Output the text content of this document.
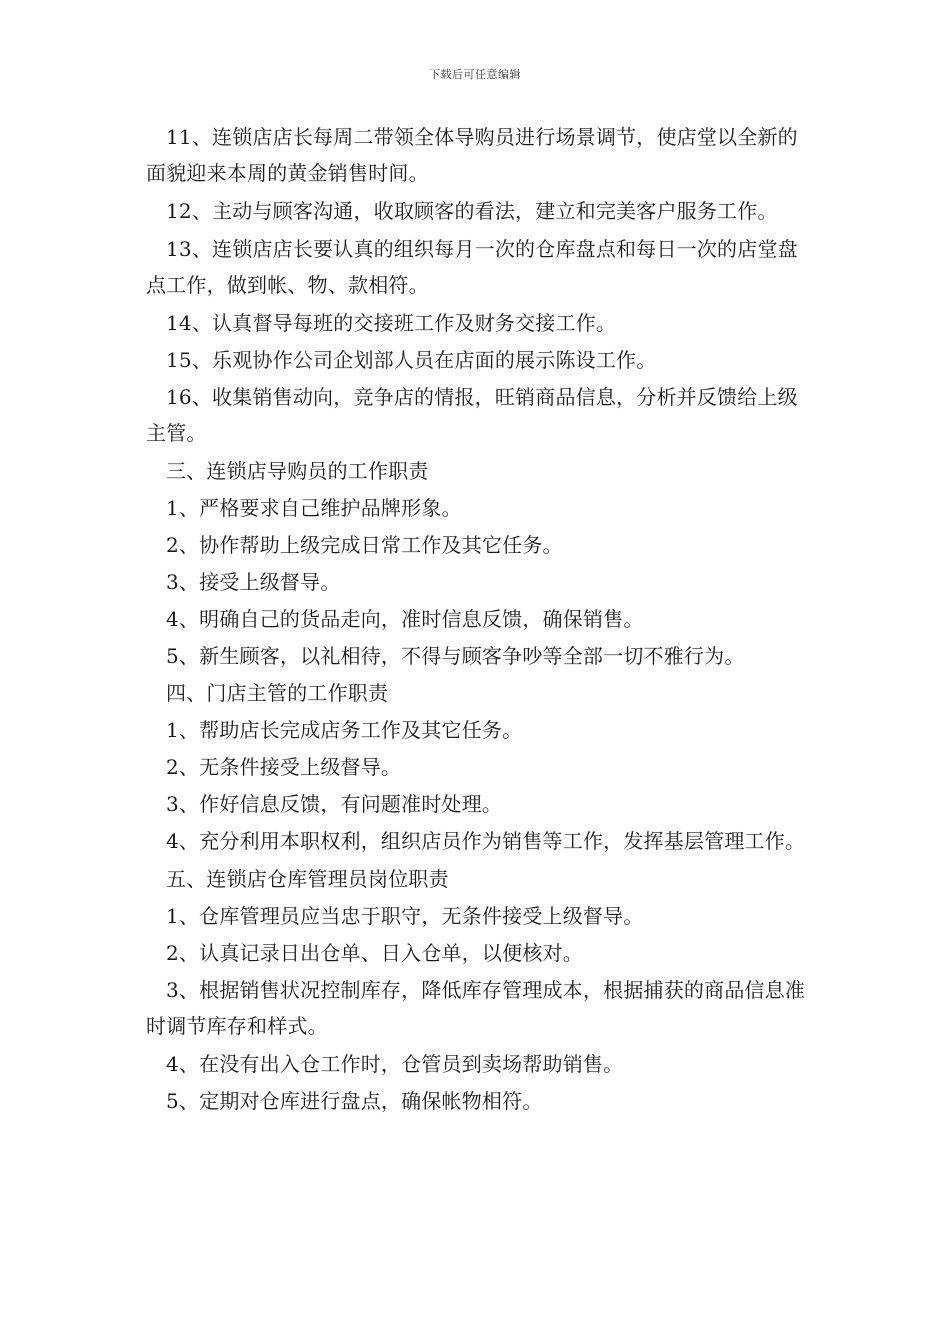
下载后可任意编辑

11、连锁店店长每周二带领全体导购员进行场景调节，使店堂以全新的面貌迎来本周的黄金销售时间。

12、主动与顾客沟通，收取顾客的看法，建立和完美客户服务工作。

13、连锁店店长要认真的组织每月一次的仓库盘点和每日一次的店堂盘点工作，做到帐、物、款相符。

14、认真督导每班的交接班工作及财务交接工作。

15、乐观协作公司企划部人员在店面的展示陈设工作。

16、收集销售动向，竞争店的情报，旺销商品信息，分析并反馈给上级主管。

三、连锁店导购员的工作职责

1、严格要求自己维护品牌形象。

2、协作帮助上级完成日常工作及其它任务。

3、接受上级督导。

4、明确自己的货品走向，准时信息反馈，确保销售。

5、新生顾客，以礼相待，不得与顾客争吵等全部一切不雅行为。

四、门店主管的工作职责

1、帮助店长完成店务工作及其它任务。

2、无条件接受上级督导。

3、作好信息反馈，有问题准时处理。

4、充分利用本职权利，组织店员作为销售等工作，发挥基层管理工作。

五、连锁店仓库管理员岗位职责

1、仓库管理员应当忠于职守，无条件接受上级督导。

2、认真记录日出仓单、日入仓单，以便核对。

3、根据销售状况控制库存，降低库存管理成本，根据捕获的商品信息准时调节库存和样式。

4、在没有出入仓工作时，仓管员到卖场帮助销售。

5、定期对仓库进行盘点，确保帐物相符。
